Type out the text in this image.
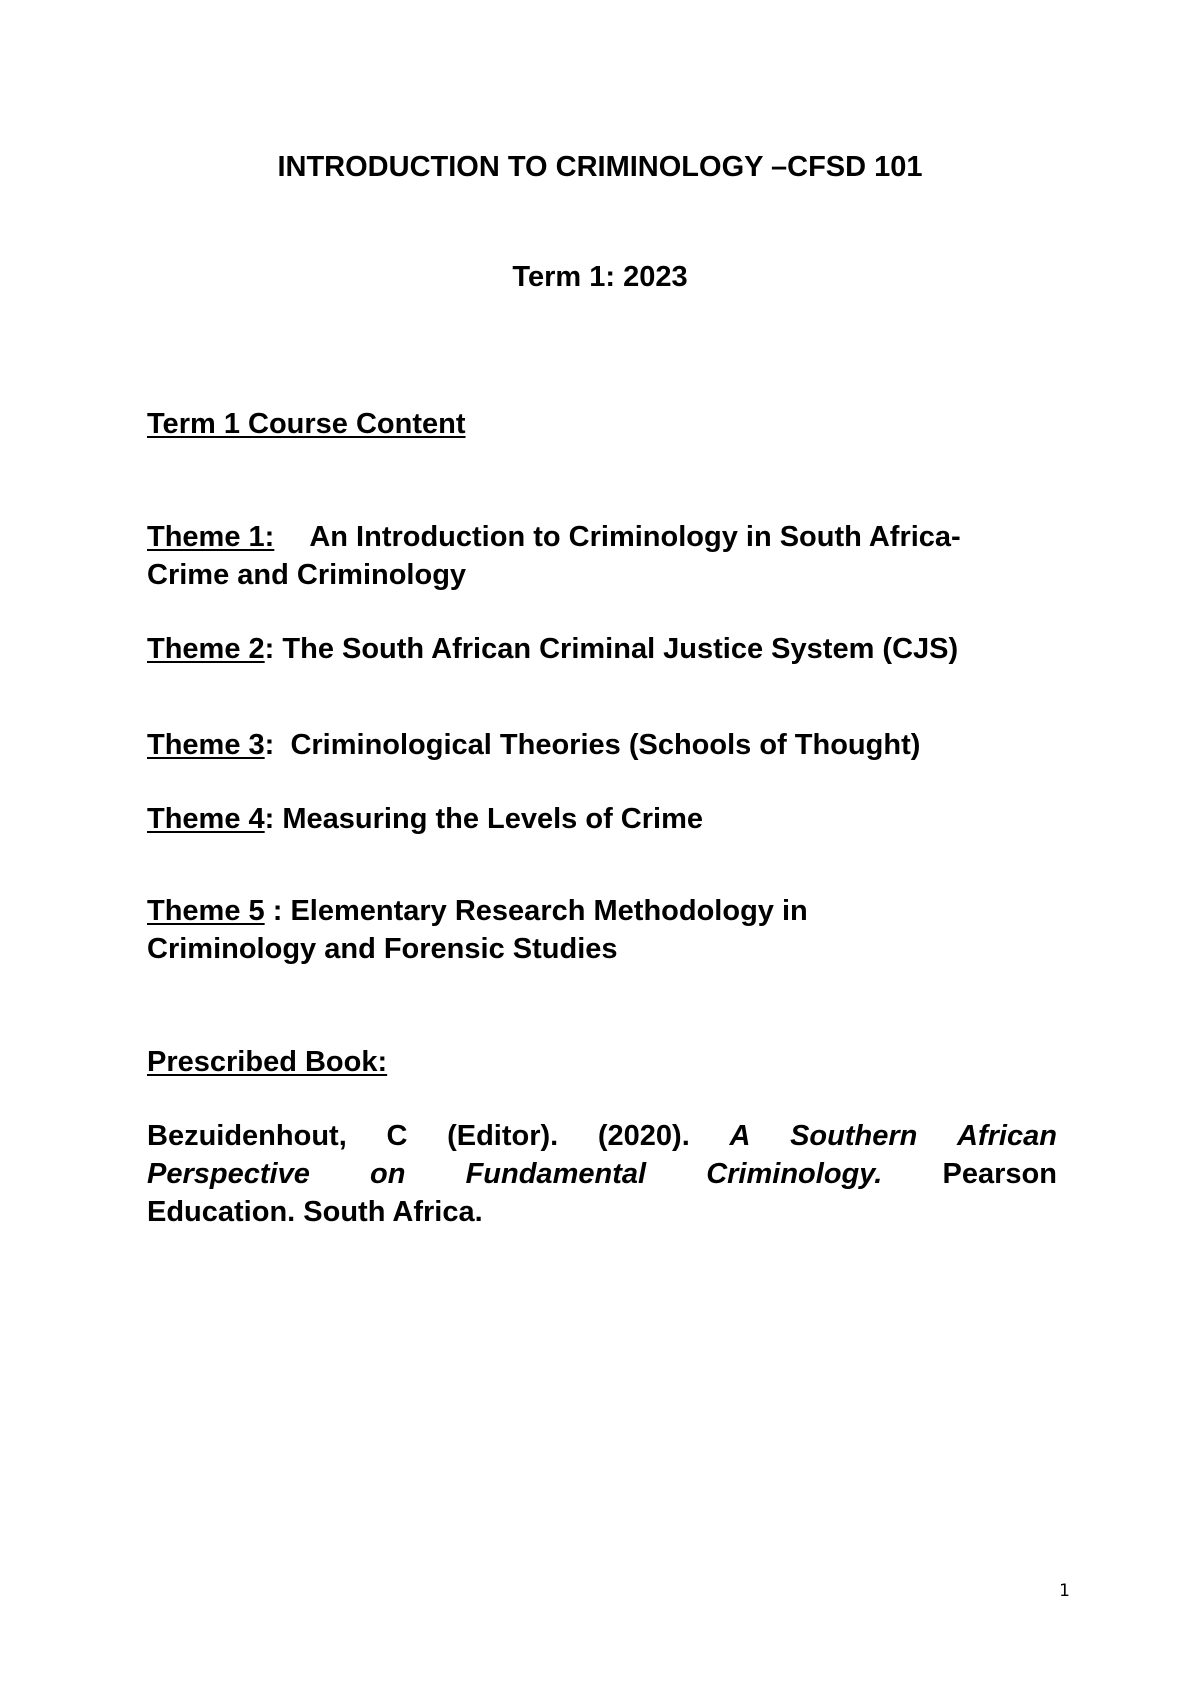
INTRODUCTION TO CRIMINOLOGY –CFSD 101
Term 1: 2023
Term 1 Course Content
Theme 1: An Introduction to Criminology in South Africa-
Crime and Criminology
Theme 2: The South African Criminal Justice System (CJS)
Theme 3:  Criminological Theories (Schools of Thought)
Theme 4: Measuring the Levels of Crime
Theme 5 : Elementary Research Methodology in
Criminology and Forensic Studies
Prescribed Book:
Bezuidenhout, C (Editor). (2020). A Southern African
Perspective on Fundamental Criminology. Pearson
Education. South Africa.
1
